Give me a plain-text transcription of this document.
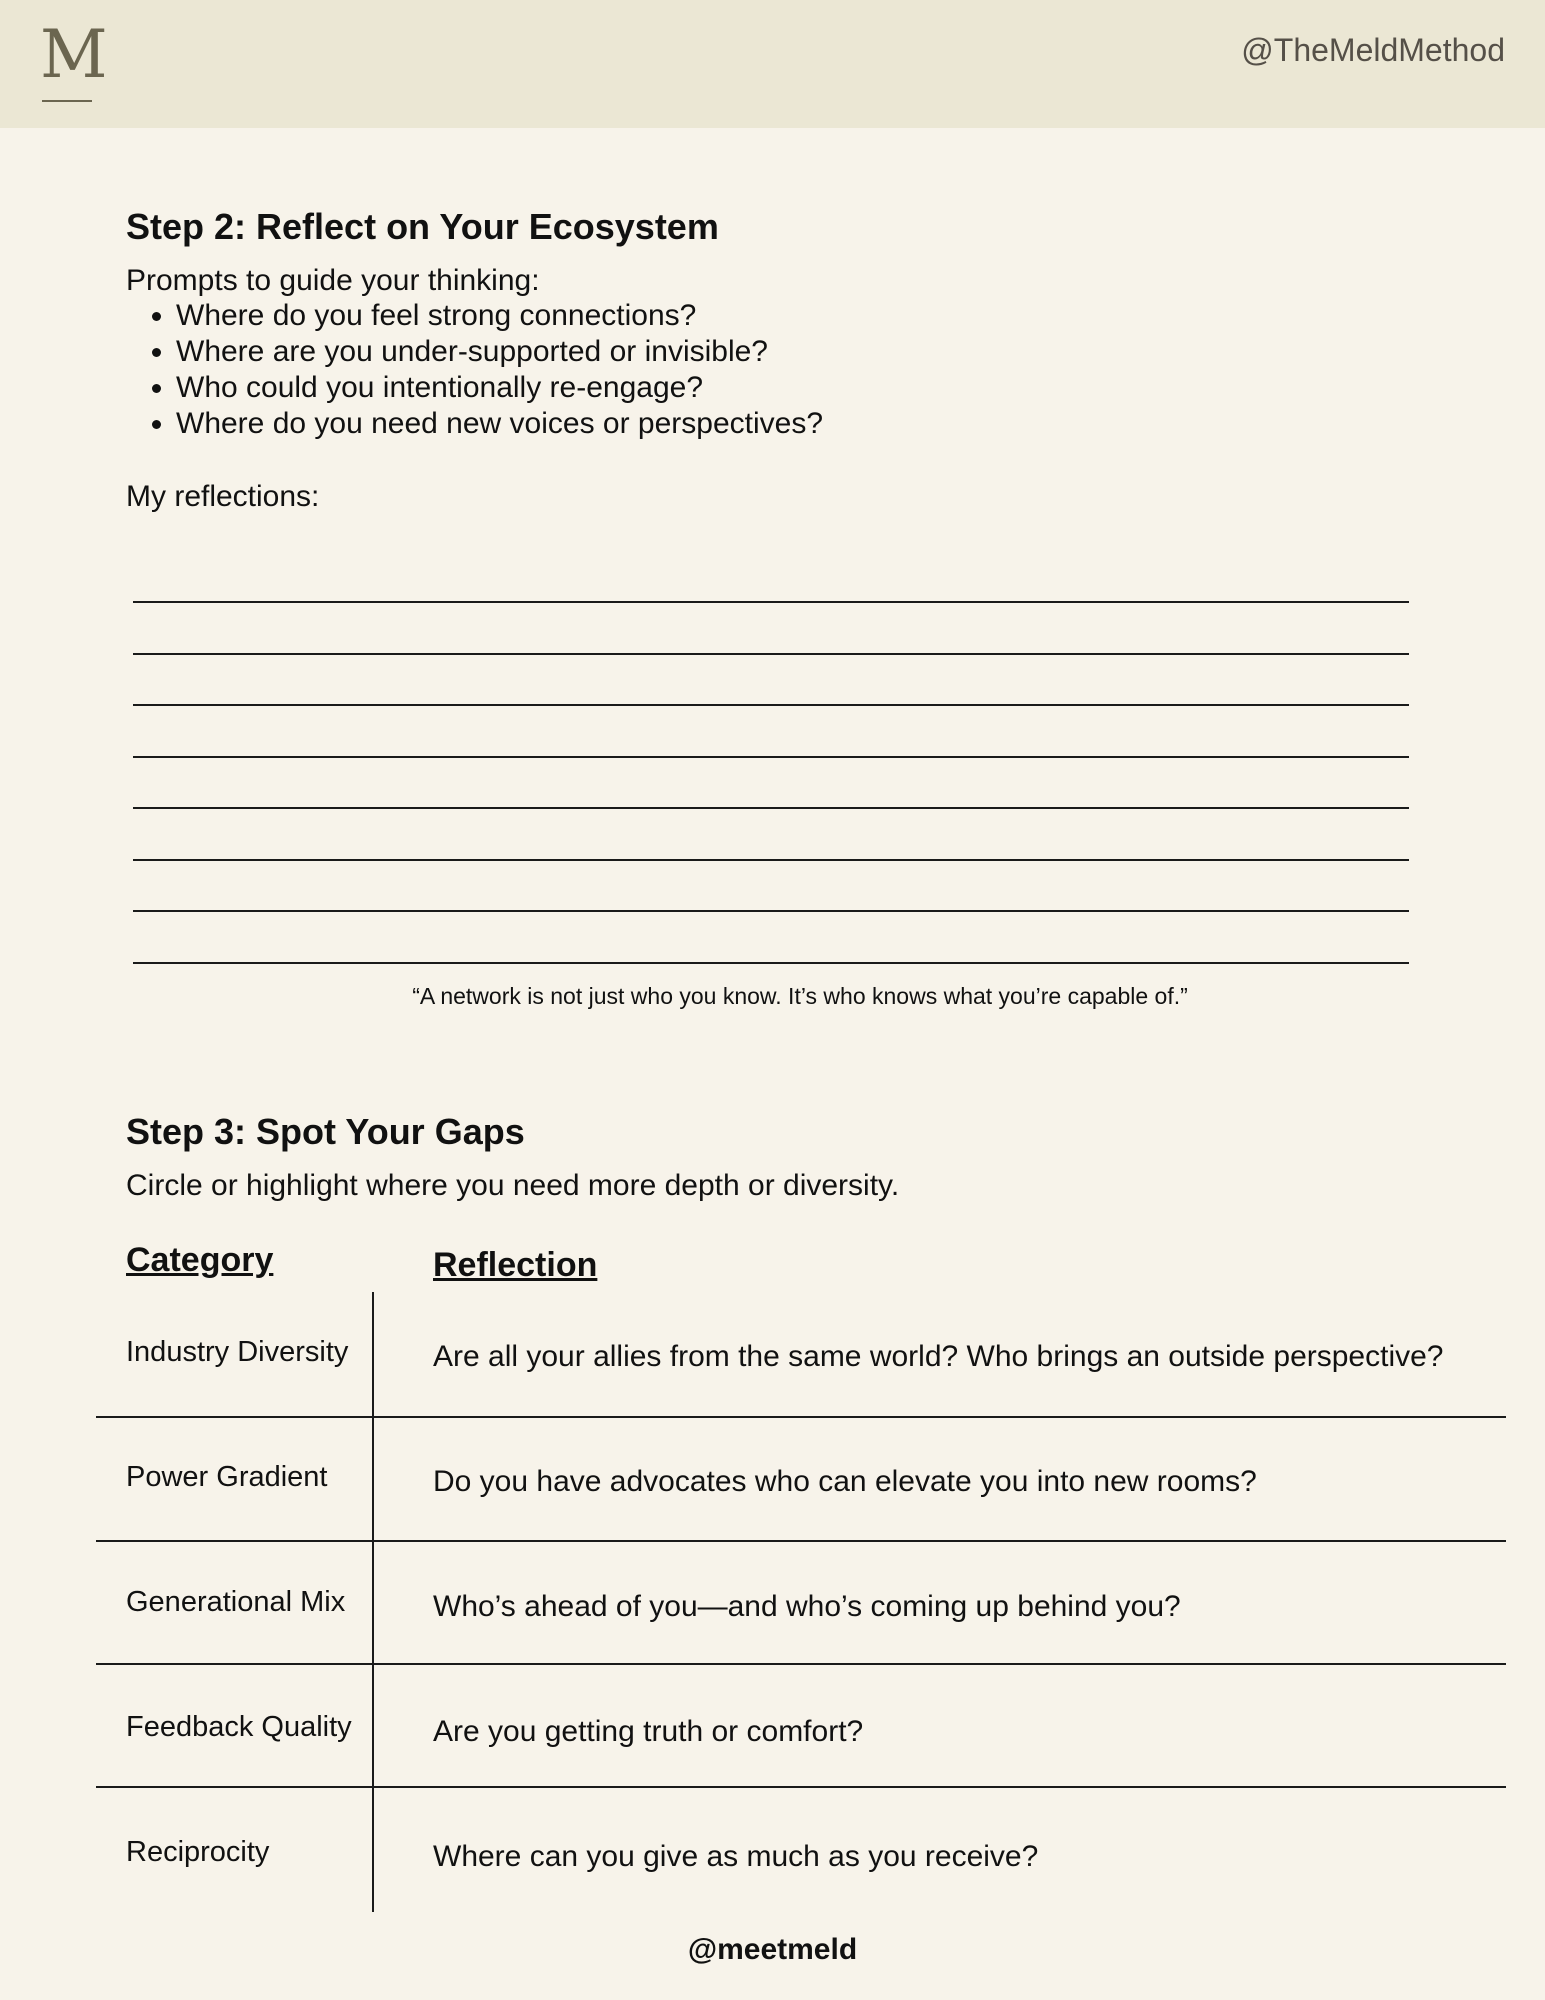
M	@TheMeldMethod
Step 2: Reflect on Your Ecosystem
Prompts to guide your thinking:
• Where do you feel strong connections?
• Where are you under-supported or invisible?
• Who could you intentionally re-engage?
• Where do you need new voices or perspectives?
My reflections:
“A network is not just who you know. It’s who knows what you’re capable of.”
Step 3: Spot Your Gaps
Circle or highlight where you need more depth or diversity.
Category	Reflection
Industry Diversity	Are all your allies from the same world? Who brings an outside perspective?
Power Gradient	Do you have advocates who can elevate you into new rooms?
Generational Mix	Who’s ahead of you—and who’s coming up behind you?
Feedback Quality	Are you getting truth or comfort?
Reciprocity	Where can you give as much as you receive?
@meetmeld
